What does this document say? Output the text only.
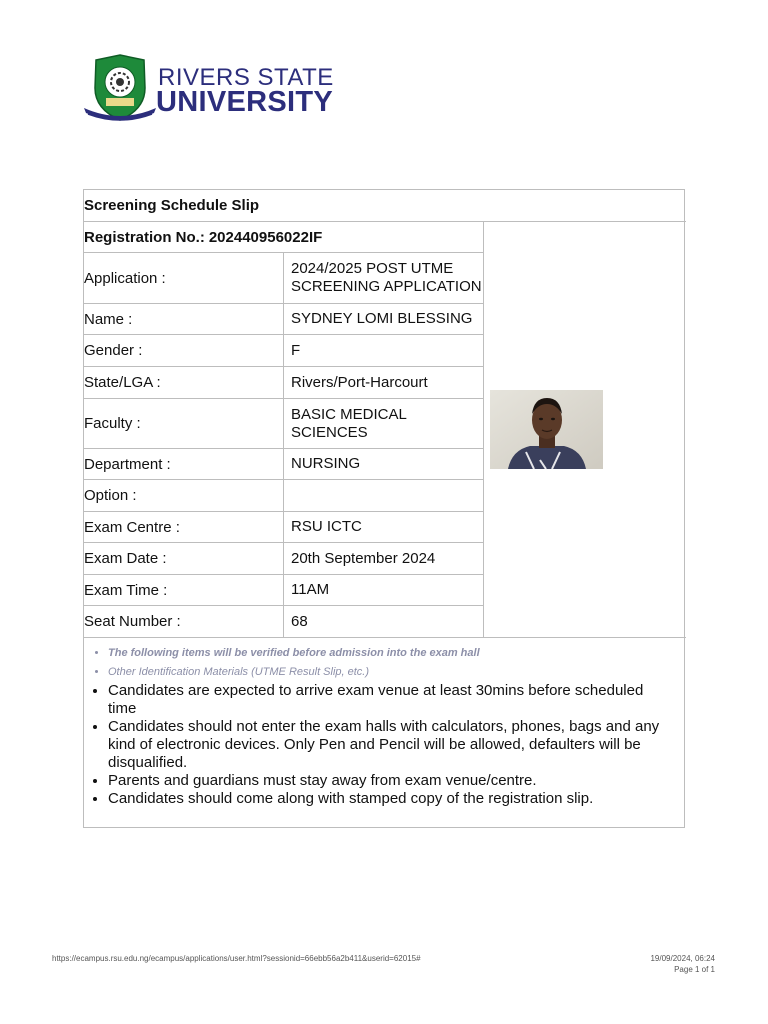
RIVERS STATE
UNIVERSITY
Screening Schedule Slip
Registration No.: 202440956022IF
Application :
2024/2025 POST UTME SCREENING APPLICATION
Name :	SYDNEY LOMI BLESSING
Gender :	F
State/LGA :	Rivers/Port-Harcourt
Faculty :
BASIC MEDICAL SCIENCES
Department :	NURSING
Option :
Exam Centre :	RSU ICTC
Exam Date :	20th September 2024
Exam Time :	11AM
Seat Number :	68
• The following items will be verified before admission into the exam hall
• Other Identification Materials (UTME Result Slip, etc.)
• Candidates are expected to arrive exam venue at least 30mins before scheduled time
• Candidates should not enter the exam halls with calculators, phones, bags and any kind of electronic devices. Only Pen and Pencil will be allowed, defaulters will be disqualified.
• Parents and guardians must stay away from exam venue/centre.
• Candidates should come along with stamped copy of the registration slip.
https://ecampus.rsu.edu.ng/ecampus/applications/user.html?sessionid=66ebb56a2b411&userid=62015#	19/09/2024, 06:24
Page 1 of 1
